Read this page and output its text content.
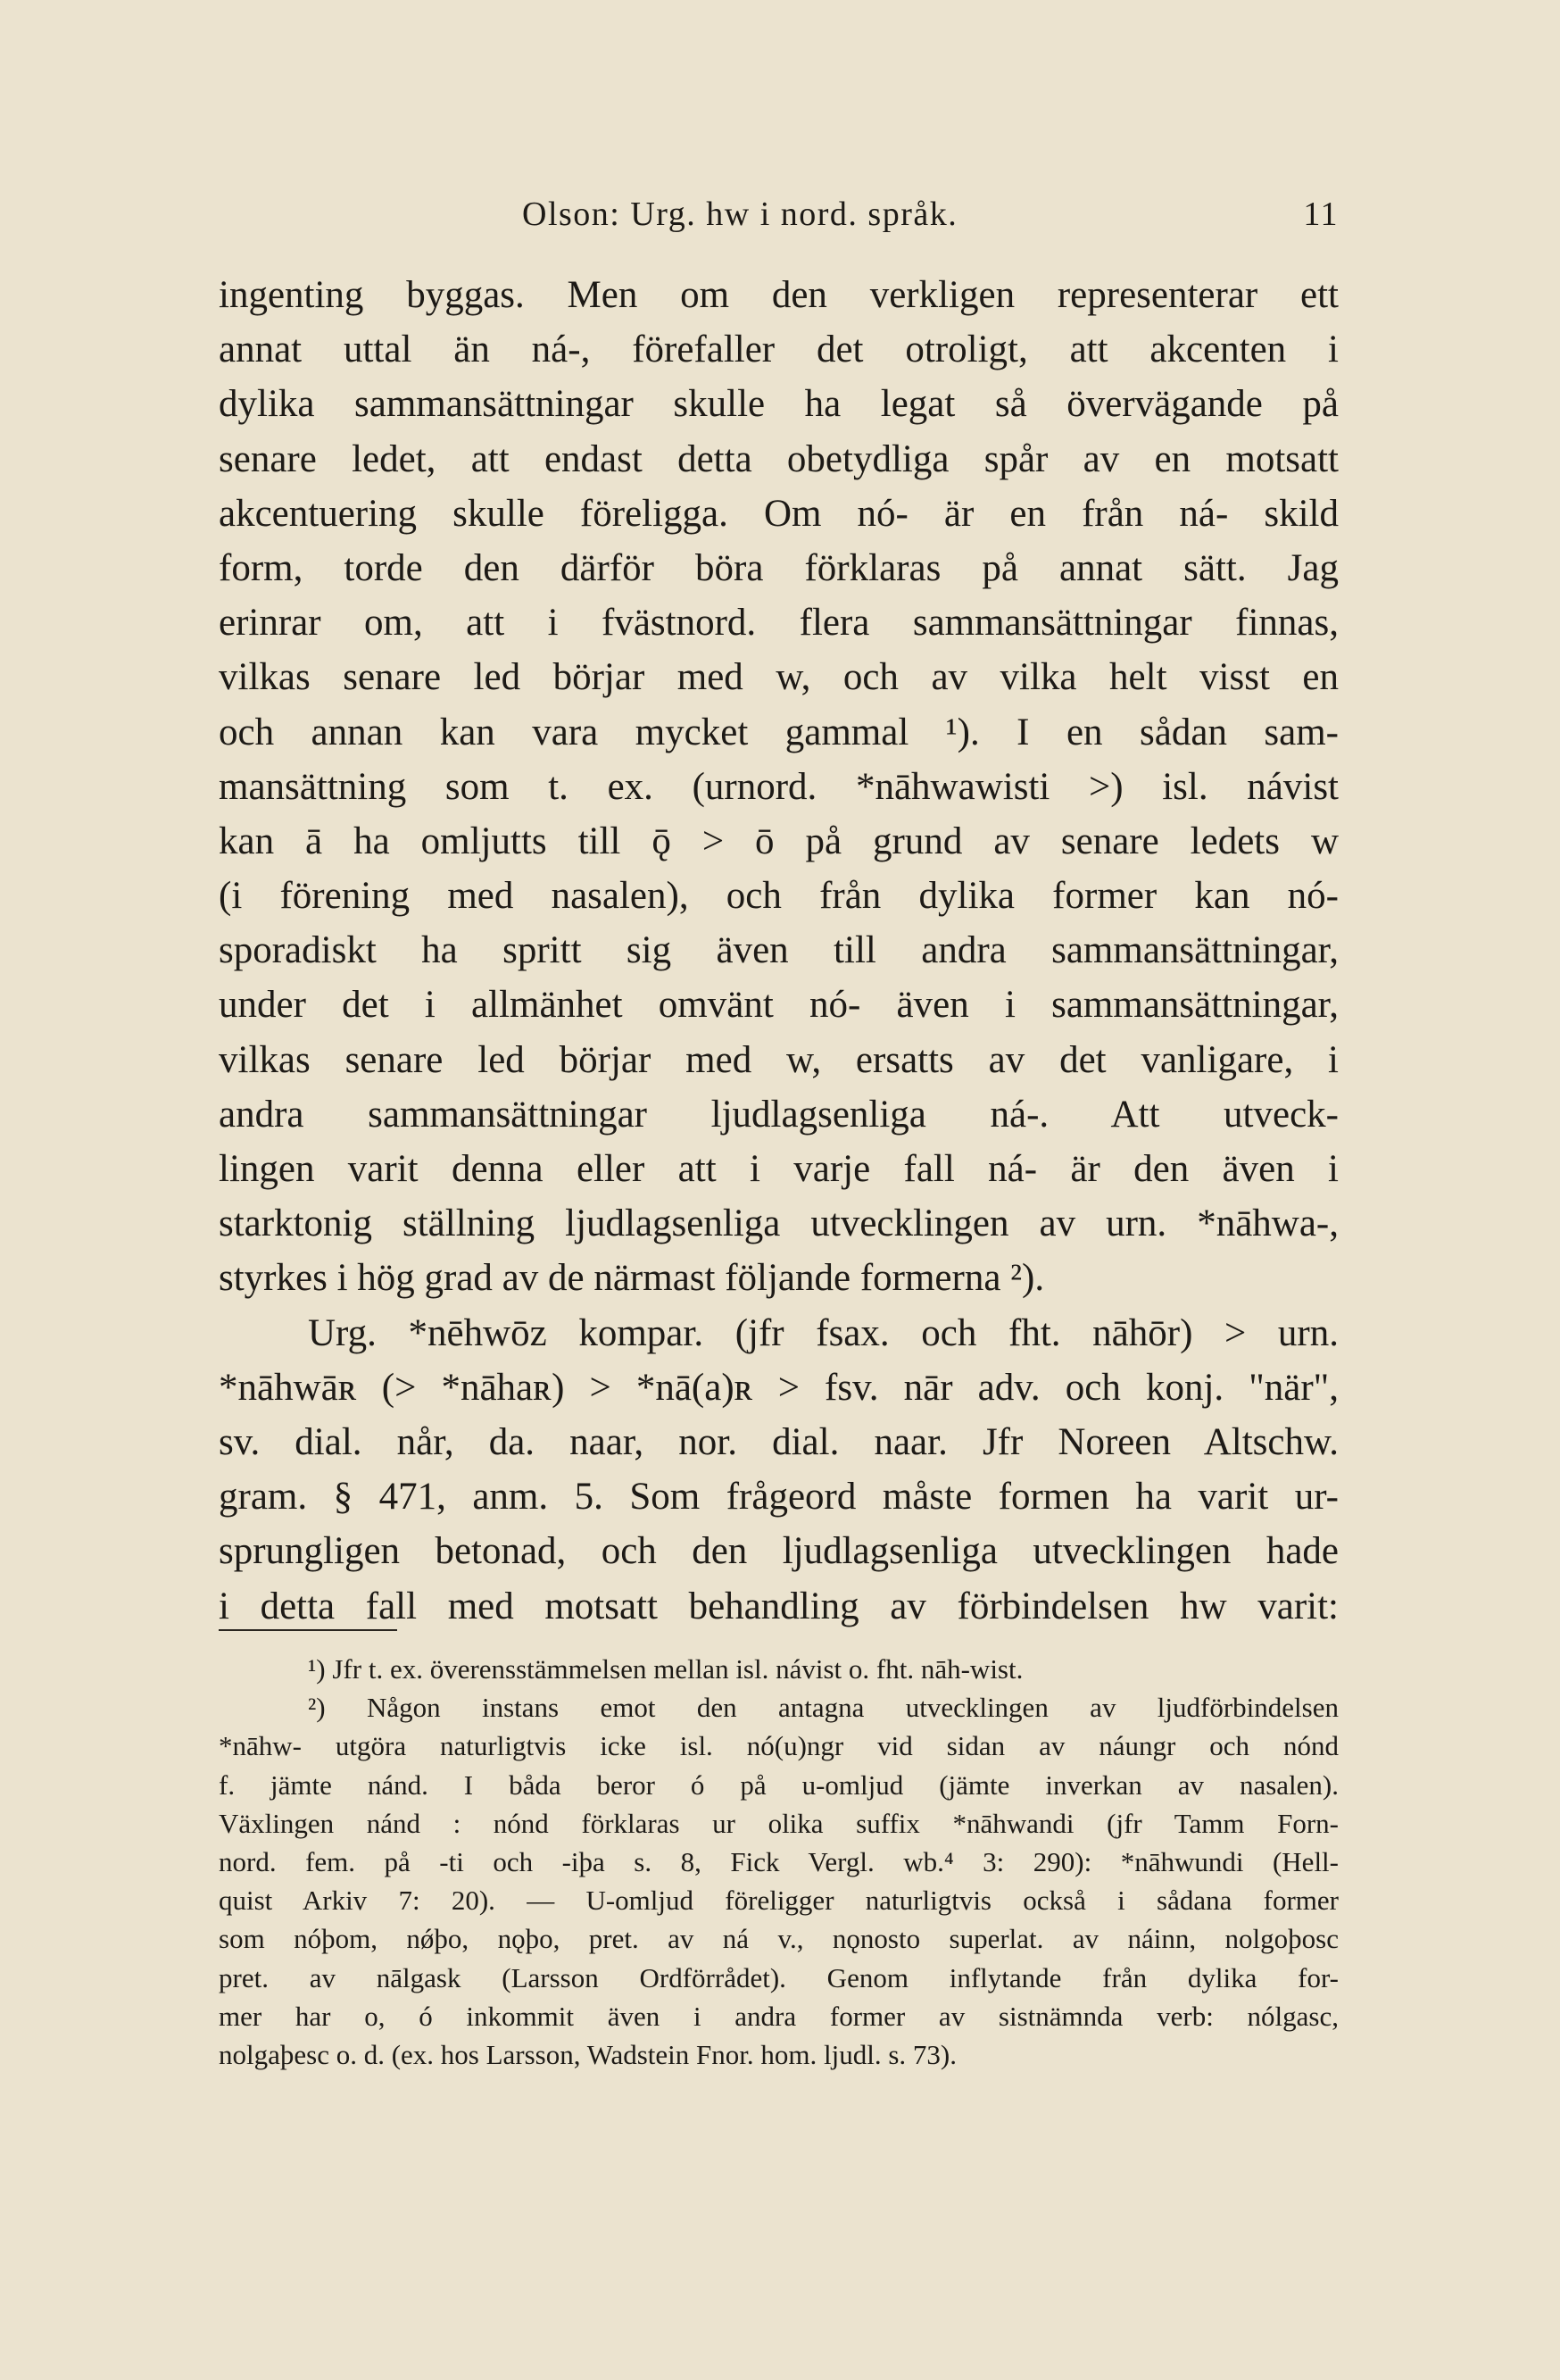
Olson: Urg. hw i nord. språk.	11
ingenting byggas. Men om den verkligen representerar ett
annat uttal än ná-, förefaller det otroligt, att akcenten i
dylika sammansättningar skulle ha legat så övervägande på
senare ledet, att endast detta obetydliga spår av en motsatt
akcentuering skulle föreligga. Om nó- är en från ná- skild
form, torde den därför böra förklaras på annat sätt. Jag
erinrar om, att i fvästnord. flera sammansättningar finnas,
vilkas senare led börjar med w, och av vilka helt visst en
och annan kan vara mycket gammal ¹). I en sådan sam-
mansättning som t. ex. (urnord. *nāhwawisti >) isl. návist
kan ā ha omljutts till ǭ > ō på grund av senare ledets w
(i förening med nasalen), och från dylika former kan nó-
sporadiskt ha spritt sig även till andra sammansättningar,
under det i allmänhet omvänt nó- även i sammansättningar,
vilkas senare led börjar med w, ersatts av det vanligare, i
andra sammansättningar ljudlagsenliga ná-. Att utveck-
lingen varit denna eller att i varje fall ná- är den även i
starktonig ställning ljudlagsenliga utvecklingen av urn. *nāhwa-,
styrkes i hög grad av de närmast följande formerna ²).
Urg. *nēhwōz kompar. (jfr fsax. och fht. nāhōr) > urn.
*nāhwāʀ (> *nāhaʀ) > *nā(a)ʀ > fsv. nār adv. och konj. "när",
sv. dial. når, da. naar, nor. dial. naar. Jfr Noreen Altschw.
gram. § 471, anm. 5. Som frågeord måste formen ha varit ur-
sprungligen betonad, och den ljudlagsenliga utvecklingen hade
i detta fall med motsatt behandling av förbindelsen hw varit:
¹) Jfr t. ex. överensstämmelsen mellan isl. návist o. fht. nāh-wist.
²) Någon instans emot den antagna utvecklingen av ljudförbindelsen
*nāhw- utgöra naturligtvis icke isl. nó(u)ngr vid sidan av náungr och nónd
f. jämte nánd. I båda beror ó på u-omljud (jämte inverkan av nasalen).
Växlingen nánd : nónd förklaras ur olika suffix *nāhwandi (jfr Tamm Forn-
nord. fem. på -ti och -iþa s. 8, Fick Vergl. wb.⁴ 3: 290): *nāhwundi (Hell-
quist Arkiv 7: 20). — U-omljud föreligger naturligtvis också i sådana former
som nóþom, nǿþo, nǫþo, pret. av ná v., nǫnosto superlat. av náinn, nolgoþosc
pret. av nālgask (Larsson Ordförrådet). Genom inflytande från dylika for-
mer har o, ó inkommit även i andra former av sistnämnda verb: nólgasc,
nolgaþesc o. d. (ex. hos Larsson, Wadstein Fnor. hom. ljudl. s. 73).
